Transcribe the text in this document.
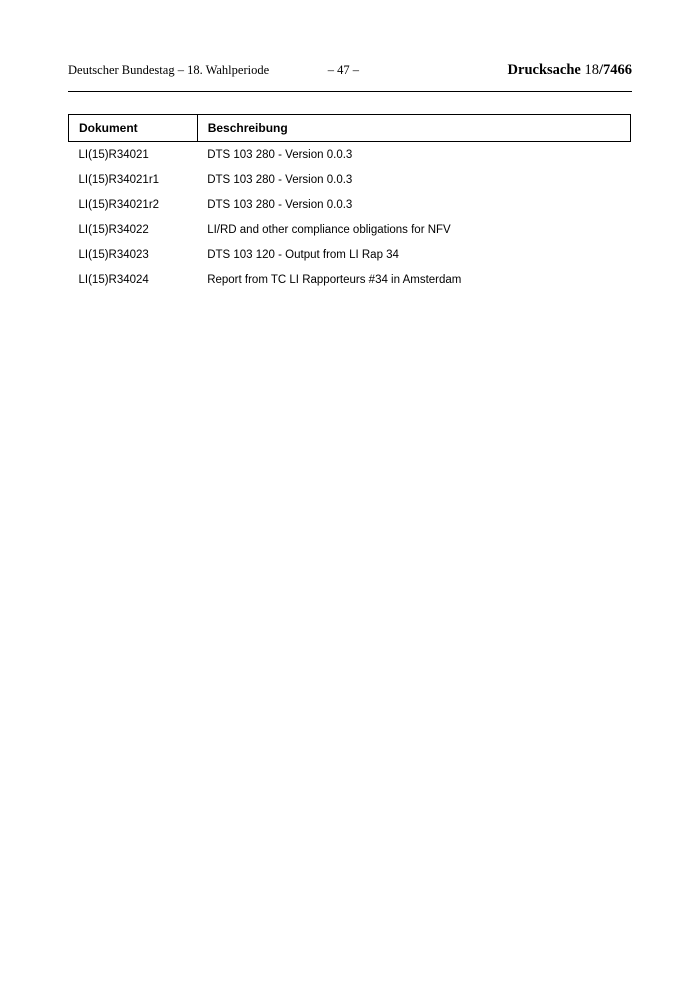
Deutscher Bundestag – 18. Wahlperiode	– 47 –	Drucksache 18/7466
Dokument	Beschreibung
LI(15)R34021	DTS 103 280 - Version 0.0.3
LI(15)R34021r1	DTS 103 280 - Version 0.0.3
LI(15)R34021r2	DTS 103 280 - Version 0.0.3
LI(15)R34022	LI/RD and other compliance obligations for NFV
LI(15)R34023	DTS 103 120 - Output from LI Rap 34
LI(15)R34024	Report from TC LI Rapporteurs #34 in Amsterdam
